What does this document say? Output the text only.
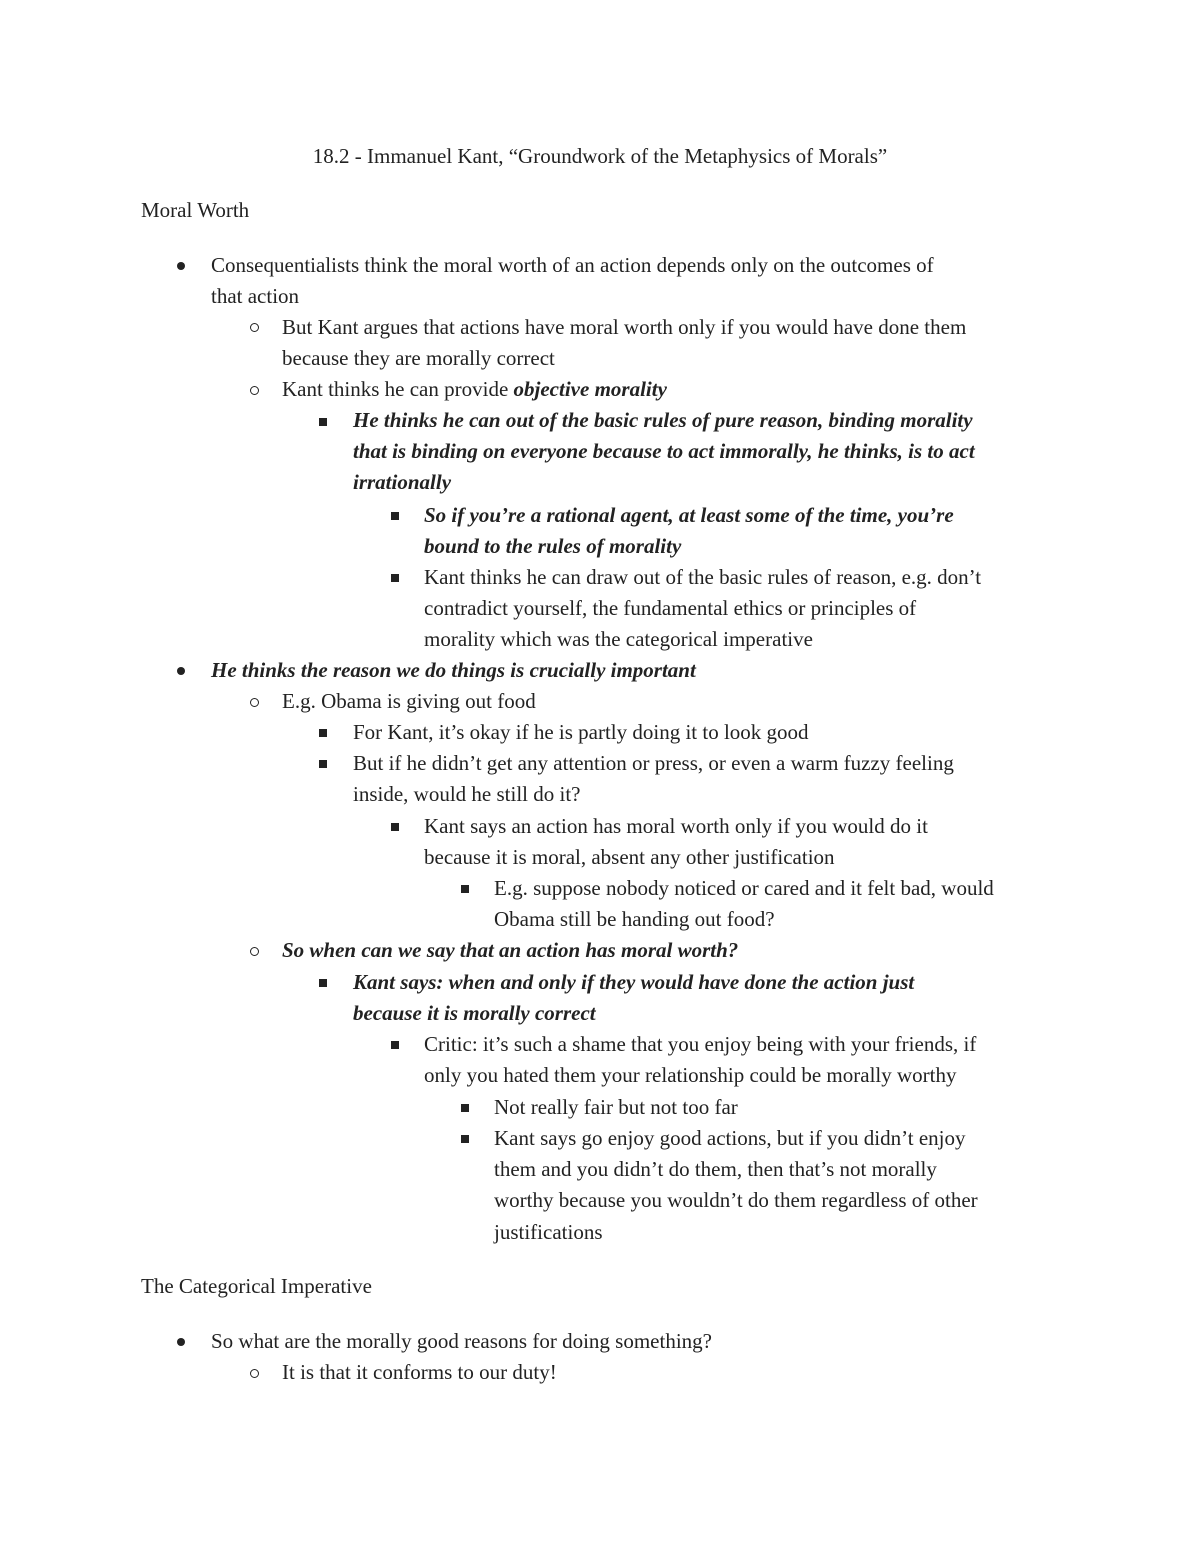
18.2 - Immanuel Kant, “Groundwork of the Metaphysics of Morals”
Moral Worth
Consequentialists think the moral worth of an action depends only on the outcomes of
that action
But Kant argues that actions have moral worth only if you would have done them
because they are morally correct
Kant thinks he can provide objective morality
He thinks he can out of the basic rules of pure reason, binding morality
that is binding on everyone because to act immorally, he thinks, is to act
irrationally
So if you’re a rational agent, at least some of the time, you’re
bound to the rules of morality
Kant thinks he can draw out of the basic rules of reason, e.g. don’t
contradict yourself, the fundamental ethics or principles of
morality which was the categorical imperative
He thinks the reason we do things is crucially important
E.g. Obama is giving out food
For Kant, it’s okay if he is partly doing it to look good
But if he didn’t get any attention or press, or even a warm fuzzy feeling
inside, would he still do it?
Kant says an action has moral worth only if you would do it
because it is moral, absent any other justification
E.g. suppose nobody noticed or cared and it felt bad, would
Obama still be handing out food?
So when can we say that an action has moral worth?
Kant says: when and only if they would have done the action just
because it is morally correct
Critic: it’s such a shame that you enjoy being with your friends, if
only you hated them your relationship could be morally worthy
Not really fair but not too far
Kant says go enjoy good actions, but if you didn’t enjoy
them and you didn’t do them, then that’s not morally
worthy because you wouldn’t do them regardless of other
justifications
The Categorical Imperative
So what are the morally good reasons for doing something?
It is that it conforms to our duty!
